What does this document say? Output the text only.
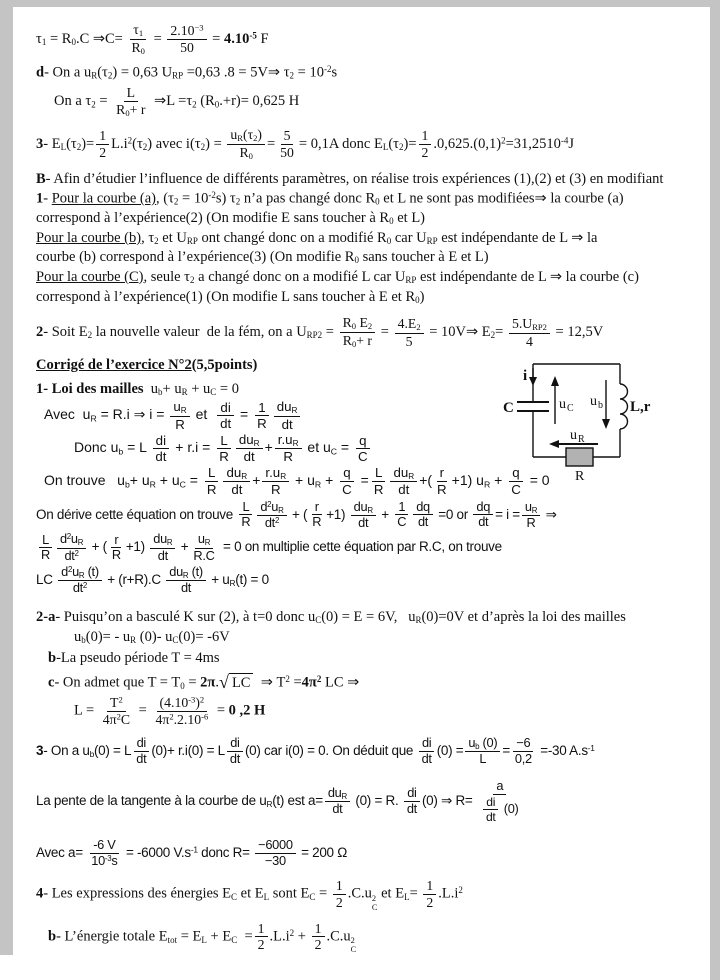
τ1 = R0.C ⇒C= $\frac{\tau 1}{R0} = \frac{2.10^{-3}}{50} = 4.10^{-5}$ F
d- On a uR(τ2) = 0,63 URP =0,63 .8 = 5V⇒ $\tau 2 = 10^{-2}s$
On a $\tau 2 = \frac{L}{R0+ r}$ ⇒L =τ2 (R0.+r)= 0,625 H
3- $EL(\tau 2)= \frac{1}{2} L.i^2(\tau 2)$ avec $i(\tau 2) = \frac{uR(\tau 2)}{R0} = \frac{5}{50} = 0,1A$ donc $EL(\tau 2)= \frac{1}{2} .0,625.(0,1)^2=31,2510^{-4}J$
B- Afin d’étudier l’influence de différents paramètres, on réalise trois expériences (1),(2) et (3) en modifiant
1- Pour la courbe (a), $(\tau 2 = 10^{-2}s)$ τ2 n’a pas changé donc R0 et L ne sont pas modifiées⇒ la courbe (a)
correspond à l’expérience(2) (On modifie E sans toucher à R0 et L)
Pour la courbe (b), τ2 et URP ont changé donc on a modifié R0 car URP est indépendante de L ⇒ la
courbe (b) correspond à l’expérience(3) (On modifie R0 sans toucher à E et L)
Pour la courbe (C), seule τ2 a changé donc on a modifié L car URP est indépendante de L ⇒ la courbe (c)
correspond à l’expérience(1) (On modifie L sans toucher à E et R0)
2- Soit E2 la nouvelle valeur  de la fém, on a $URP2 = \frac{R0 E2}{R0+ r} = \frac{4.E2}{5}$ = 10V⇒ $E2= \frac{\text{5.URP2}}{4} = 12,5V$
Corrigé de l’exercice N°2(5,5points)
1- Loi des mailles  ub+ uR + uC = 0
Avec  uR = R.i ⇒ $i = \frac{uR}{R}$ et $\frac{di}{dt} = \frac{1}{R} \frac{\text{duR}}{dt}$
Donc ub = L $\frac{di}{dt} + r.i = \frac{L}{R} \frac{\text{duR}}{dt} + \frac{r.uR}{R}$ et uC = $\frac{q}{C}$
On trouve   ub+ uR + uC = $\frac{L}{R} \frac{\text{duR}}{dt} + \frac{r.uR}{R}$ + uR + $\frac{q}{C} = \frac{L}{R} \frac{\text{duR}}{dt}$ +( $\frac{r}{R} +1$) uR + $\frac{q}{C} = 0$
On dérive cette équation on trouve $\frac{L}{R} \frac{d^2uR}{dt^2}$ + ( $\frac{r}{R} +1) \frac{\text{duR}}{dt} + \frac{1}{C} \frac{dq}{dt} =0$ or $\frac{dq}{dt} = i = \frac{uR}{R}$ ⇒
$\frac{L}{R} \frac{d^2uR}{dt^2}$ + ( $\frac{r}{R} +1) \frac{\text{duR}}{dt} + \frac{uR}{R.C} = 0$ on multiplie cette équation par R.C, on trouve
LC $\frac{d^2uR (t)}{dt^2} + (r+R).C \frac{\text{duR (t)}}{dt} + uR(t) = 0$
2-a- Puisqu’on a basculé K sur (2), à t=0 donc uC(0) = E = 6V,   uR(0)=0V et d’après la loi des mailles
ub(0)= - uR (0)- uC(0)= -6V
b-La pseudo période T = 4ms
c- On admet que T = T0 = 2π. √ LC ⇒ $T^2 =4\pi^2$ LC ⇒
$L = \frac{T^2}{4\pi^2C} = \frac{(4.10^{-3})^2}{4\pi^2.2.10^{-6}} = 0$ ,2 H
3- On a ub(0) = L $\frac{di}{dt} (0)+ r.i(0) = L \frac{di}{dt} (0)$ car i(0) = 0. On déduit que $\frac{di}{dt} (0) = \frac{ub (0)}{L} = \frac{-6}{0,2} =-30$ $A.s^{-1}$
La pente de la tangente à la courbe de uR(t) est $a= \frac{\text{duR}}{dt} (0) = R$. $\frac{di}{dt} (0)$ ⇒ $R= \frac{a}{\frac{di}{dt} (0)}$
Avec $a= \frac{-6 V}{10^{-3}s} = -6000$ $V.s^{-1}$ donc $R= \frac{-6000}{-30} = 200$ Ω
4- Les expressions des énergies EC et EL sont EC = $\frac{1}{2} .C.u$ 2
C
et $EL= \frac{1}{2} .L.i^2$
b- L’énergie totale Etot = EL + EC  = $\frac{1}{2} .L.i^2 + \frac{1}{2} .C.u$ 2
C
i
C	u C u b L,r
u R
R
